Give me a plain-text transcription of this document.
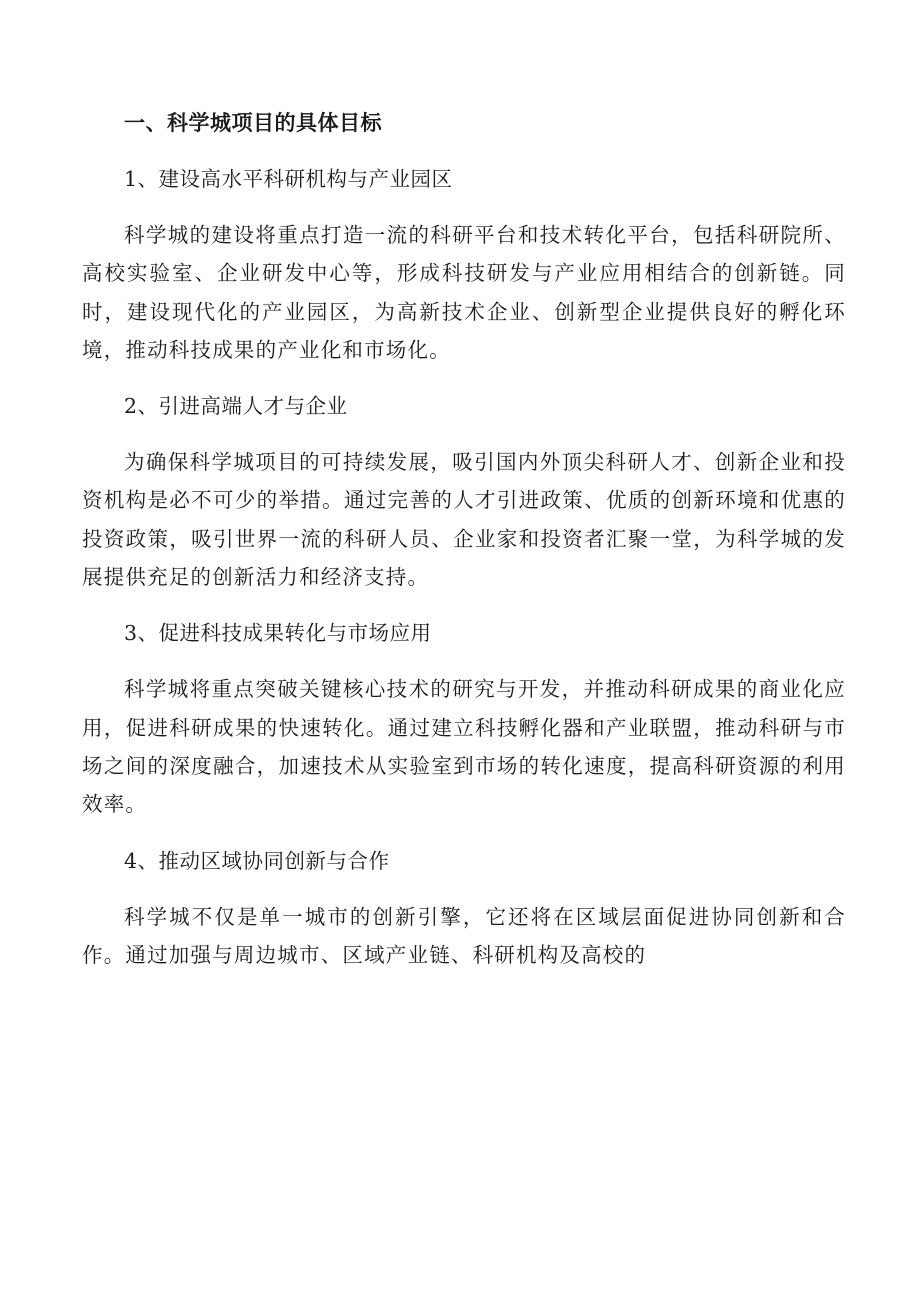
一、科学城项目的具体目标

1、建设高水平科研机构与产业园区

科学城的建设将重点打造一流的科研平台和技术转化平台，包括科研院所、高校实验室、企业研发中心等，形成科技研发与产业应用相结合的创新链。同时，建设现代化的产业园区，为高新技术企业、创新型企业提供良好的孵化环境，推动科技成果的产业化和市场化。

2、引进高端人才与企业

为确保科学城项目的可持续发展，吸引国内外顶尖科研人才、创新企业和投资机构是必不可少的举措。通过完善的人才引进政策、优质的创新环境和优惠的投资政策，吸引世界一流的科研人员、企业家和投资者汇聚一堂，为科学城的发展提供充足的创新活力和经济支持。

3、促进科技成果转化与市场应用

科学城将重点突破关键核心技术的研究与开发，并推动科研成果的商业化应用，促进科研成果的快速转化。通过建立科技孵化器和产业联盟，推动科研与市场之间的深度融合，加速技术从实验室到市场的转化速度，提高科研资源的利用效率。

4、推动区域协同创新与合作

科学城不仅是单一城市的创新引擎，它还将在区域层面促进协同创新和合作。通过加强与周边城市、区域产业链、科研机构及高校的
